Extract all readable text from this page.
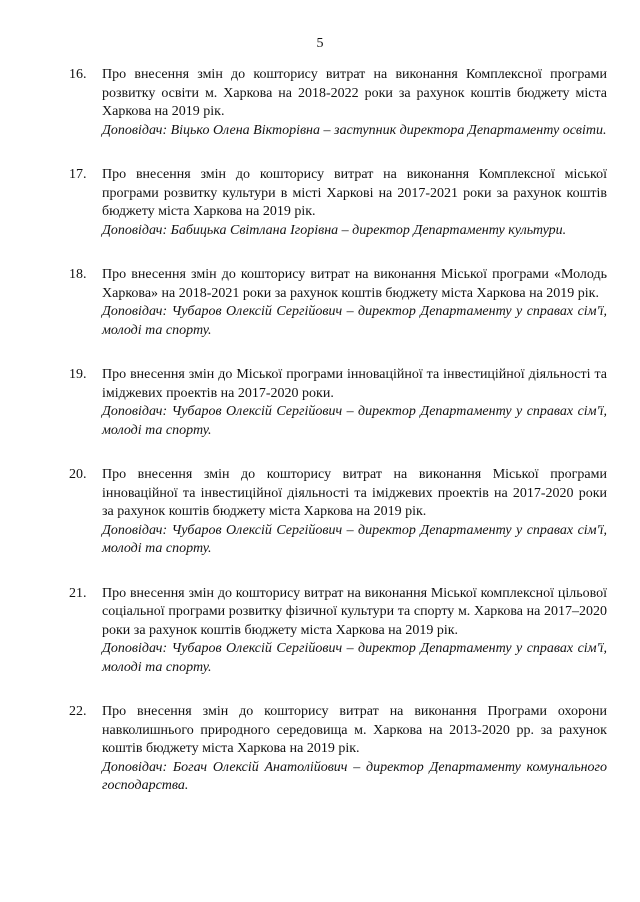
5
16. Про внесення змін до кошторису витрат на виконання Комплексної програми розвитку освіти м. Харкова на 2018-2022 роки за рахунок коштів бюджету міста Харкова на 2019 рік.
Доповідач: Віцько Олена Вікторівна – заступник директора Департаменту освіти.
17. Про внесення змін до кошторису витрат на виконання Комплексної міської програми розвитку культури в місті Харкові на 2017-2021 роки за рахунок коштів бюджету міста Харкова на 2019 рік.
Доповідач: Бабицька Світлана Ігорівна – директор Департаменту культури.
18. Про внесення змін до кошторису витрат на виконання Міської програми «Молодь Харкова» на 2018-2021 роки за рахунок коштів бюджету міста Харкова на 2019 рік.
Доповідач: Чубаров Олексій Сергійович – директор Департаменту у справах сім'ї, молоді та спорту.
19. Про внесення змін до Міської програми інноваційної та інвестиційної діяльності та іміджевих проектів на 2017-2020 роки.
Доповідач: Чубаров Олексій Сергійович – директор Департаменту у справах сім'ї, молоді та спорту.
20. Про внесення змін до кошторису витрат на виконання Міської програми інноваційної та інвестиційної діяльності та іміджевих проектів на 2017-2020 роки за рахунок коштів бюджету міста Харкова на 2019 рік.
Доповідач: Чубаров Олексій Сергійович – директор Департаменту у справах сім'ї, молоді та спорту.
21. Про внесення змін до кошторису витрат на виконання Міської комплексної цільової соціальної програми розвитку фізичної культури та спорту м. Харкова на 2017–2020 роки за рахунок коштів бюджету міста Харкова на 2019 рік.
Доповідач: Чубаров Олексій Сергійович – директор Департаменту у справах сім'ї, молоді та спорту.
22. Про внесення змін до кошторису витрат на виконання Програми охорони навколишнього природного середовища м. Харкова на 2013-2020 рр. за рахунок коштів бюджету міста Харкова на 2019 рік.
Доповідач: Богач Олексій Анатолійович – директор Департаменту комунального господарства.
